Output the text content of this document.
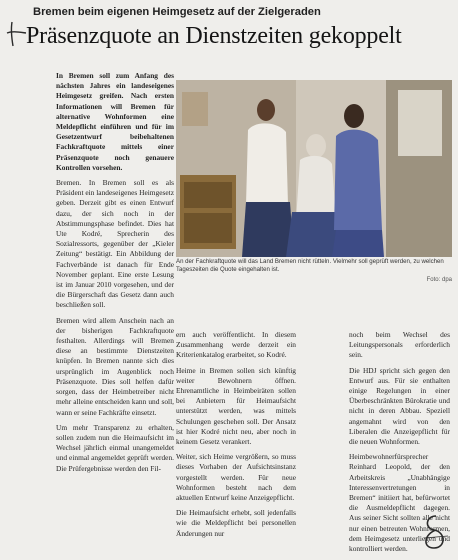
Bremen beim eigenen Heimgesetz auf der Zielgeraden
Präsenzquote an Dienstzeiten gekoppelt

In Bremen soll zum Anfang des nächsten Jahres ein landeseigenes Heimgesetz greifen. Nach ersten Informationen will Bremen für alternative Wohnformen eine Meldepflicht einführen und für im Gesetzentwurf beibehaltenen Fachkraftquote mittels einer Präsenzquote noch genauere Kontrollen vorsehen.

Bremen. In Bremen soll es als Präsident ein landeseigenes Heimgesetz geben. Derzeit gibt es einen Entwurf dazu, der sich noch in der Abstimmungsphase befindet. Dies hat Ute Kodré, Sprecherin des Sozialressorts, gegenüber der „Kieler Zeitung“ bestätigt. Ein Abbildung der Fachverbände ist danach für Ende November geplant. Eine erste Lesung ist im Januar 2010 vorgesehen, und der die Bürgerschaft das Gesetz dann auch beschließen soll.

Bremen wird allem Anschein nach an der bisherigen Fachkraftquote festhalten. Allerdings will Bremen diese an bestimmte Dienstzeiten knüpfen. In Bremen nannte sich dies ursprünglich im Augenblick noch Präsenzquote. Dies soll helfen dafür sorgen, dass der Heimbetreiber nicht mehr alleine entscheiden kann und soll, wann er seine Fachkräfte einsetzt.

Um mehr Transparenz zu erhalten, sollen zudem nun die Heimaufsicht im Wechsel jährlich einmal unangemeldet und einmal angemeldet geprüft werden. Die Prüfergebnisse werden den Fil-

An der Fachkraftquote will das Land Bremen nicht rütteln. Vielmehr soll geprüft werden, zu welchen Tageszeiten die Quote eingehalten ist.
Foto: dpa

ern auch veröffentlicht. In diesem Zusammenhang werde derzeit ein Kriterienkatalog erarbeitet, so Kodré.

Heime in Bremen sollen sich künftig weiter Bewohnern öffnen. Ehrenamtliche in Heimbeiräten sollen bei Anbietern für Heimaufsicht unterstützt werden, was mittels Schulungen geschehen soll. Der Ansatz ist hier Kodré nicht neu, aber noch in keinem Gesetz verankert.

Weiter, sich Heime vergrößern, so muss dieses Vorhaben der Aufsichtsinstanz vorgestellt werden. Für neue Wohnformen besteht nach dem aktuellen Entwurf keine Anzeigepflicht.

Die Heimaufsicht erhebt, soll jedenfalls wie die Meldepflicht bei personellen Änderungen nur

noch beim Wechsel des Leitungspersonals erforderlich sein.

Die HDJ spricht sich gegen den Entwurf aus. Für sie enthalten einige Regelungen in einer Überbeschränkten Bürokratie und nicht in deren Abbau. Speziell angemahnt wird von den Liberalen die Anzeigepflicht für die neuen Wohnformen.

Heimbewohnerfürsprecher Reinhard Leopold, der den Arbeitskreis „Unabhängige Interessenvertretungen in Bremen“ initiiert hat, befürwortet die Ausmeldepflicht dagegen. Aus seiner Sicht sollten alle nicht nur einen betreuten Wohnformen, dem Heimgesetz unterliegen und kontrolliert werden.
